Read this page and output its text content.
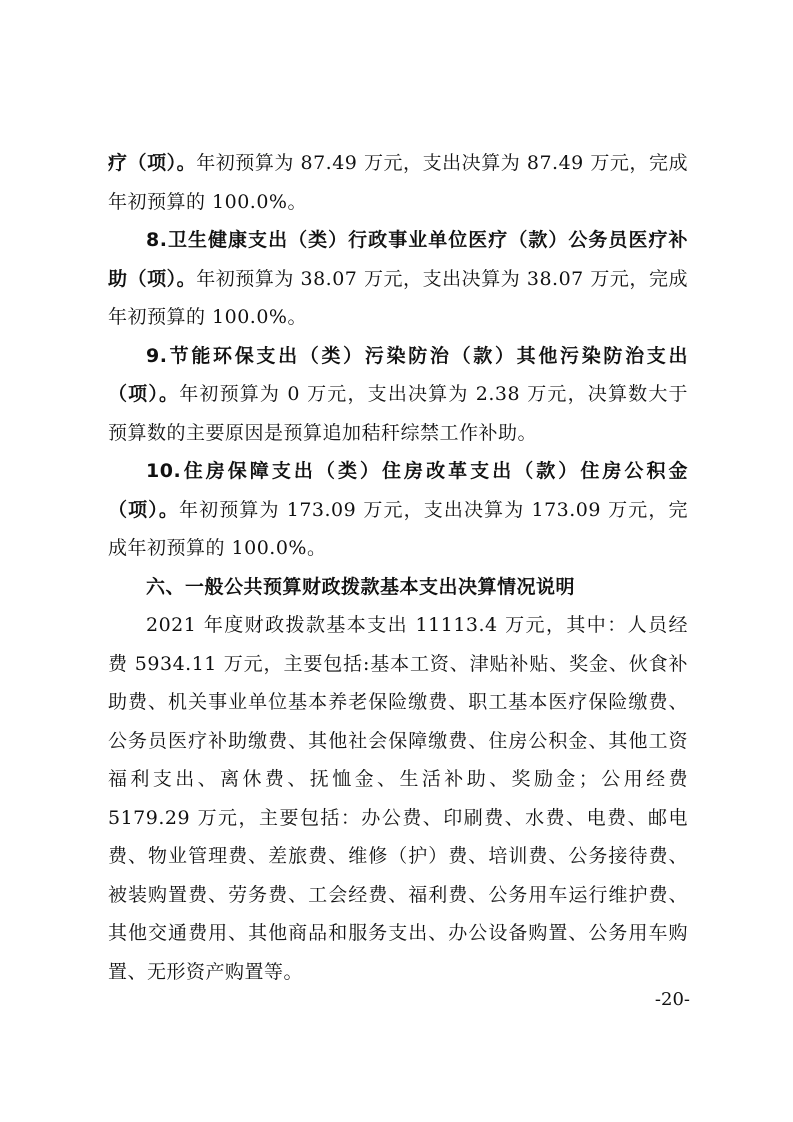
疗（项）。年初预算为 87.49 万元，支出决算为 87.49 万元，完成年初预算的 100.0%。

8.卫生健康支出（类）行政事业单位医疗（款）公务员医疗补助（项）。年初预算为 38.07 万元，支出决算为 38.07 万元，完成年初预算的 100.0%。

9.节能环保支出（类）污染防治（款）其他污染防治支出（项）。年初预算为 0 万元，支出决算为 2.38 万元，决算数大于预算数的主要原因是预算追加秸秆综禁工作补助。

10.住房保障支出（类）住房改革支出（款）住房公积金（项）。年初预算为 173.09 万元，支出决算为 173.09 万元，完成年初预算的 100.0%。

六、一般公共预算财政拨款基本支出决算情况说明

2021 年度财政拨款基本支出 11113.4 万元，其中：人员经费 5934.11 万元，主要包括:基本工资、津贴补贴、奖金、伙食补助费、机关事业单位基本养老保险缴费、职工基本医疗保险缴费、公务员医疗补助缴费、其他社会保障缴费、住房公积金、其他工资福利支出、离休费、抚恤金、生活补助、奖励金；公用经费 5179.29 万元，主要包括：办公费、印刷费、水费、电费、邮电费、物业管理费、差旅费、维修（护）费、培训费、公务接待费、被装购置费、劳务费、工会经费、福利费、公务用车运行维护费、其他交通费用、其他商品和服务支出、办公设备购置、公务用车购置、无形资产购置等。

-20-
